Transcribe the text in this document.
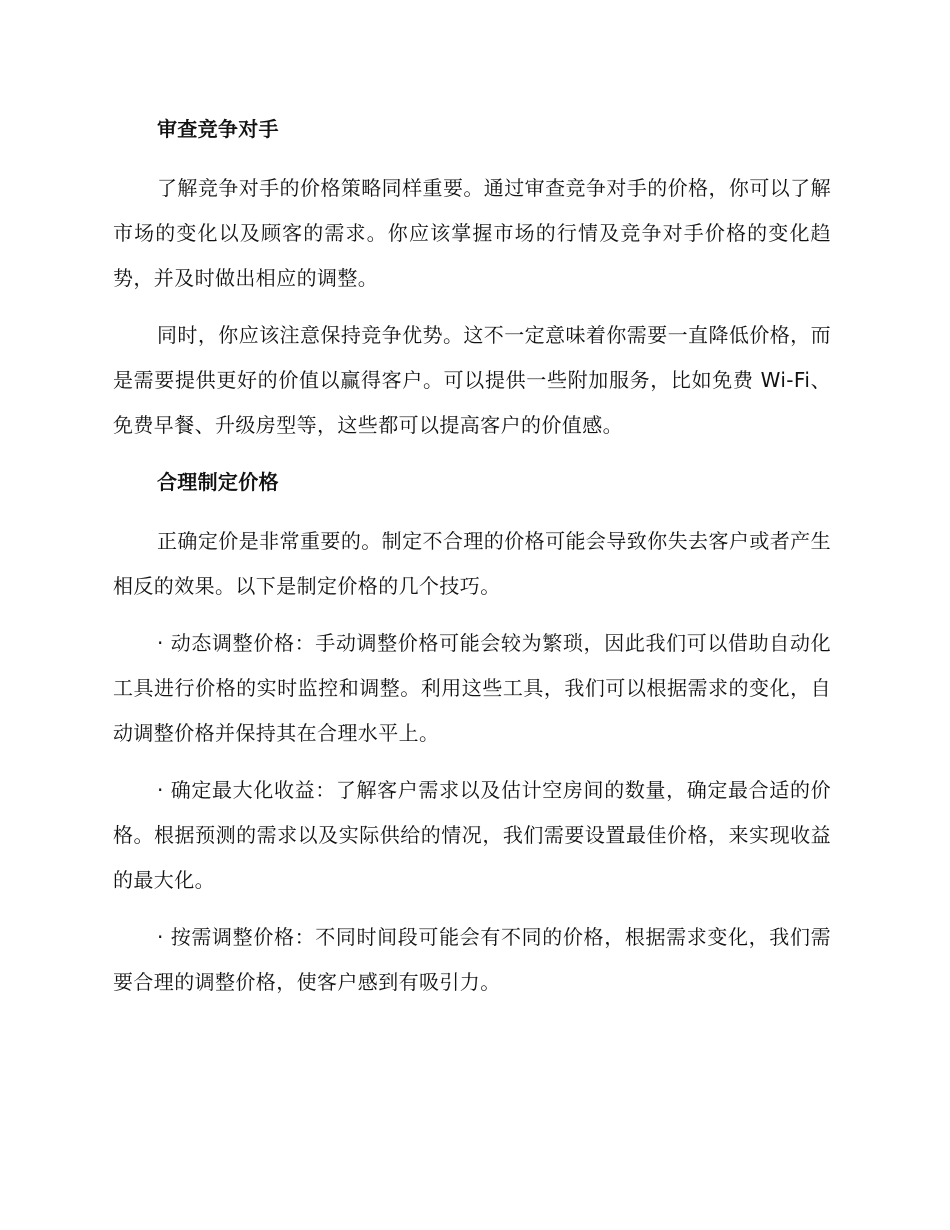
审查竞争对手

了解竞争对手的价格策略同样重要。通过审查竞争对手的价格，你可以了解市场的变化以及顾客的需求。你应该掌握市场的行情及竞争对手价格的变化趋势，并及时做出相应的调整。

同时，你应该注意保持竞争优势。这不一定意味着你需要一直降低价格，而是需要提供更好的价值以赢得客户。可以提供一些附加服务，比如免费 Wi-Fi、免费早餐、升级房型等，这些都可以提高客户的价值感。

合理制定价格

正确定价是非常重要的。制定不合理的价格可能会导致你失去客户或者产生相反的效果。以下是制定价格的几个技巧。

· 动态调整价格：手动调整价格可能会较为繁琐，因此我们可以借助自动化工具进行价格的实时监控和调整。利用这些工具，我们可以根据需求的变化，自动调整价格并保持其在合理水平上。

· 确定最大化收益：了解客户需求以及估计空房间的数量，确定最合适的价格。根据预测的需求以及实际供给的情况，我们需要设置最佳价格，来实现收益的最大化。

· 按需调整价格：不同时间段可能会有不同的价格，根据需求变化，我们需要合理的调整价格，使客户感到有吸引力。
